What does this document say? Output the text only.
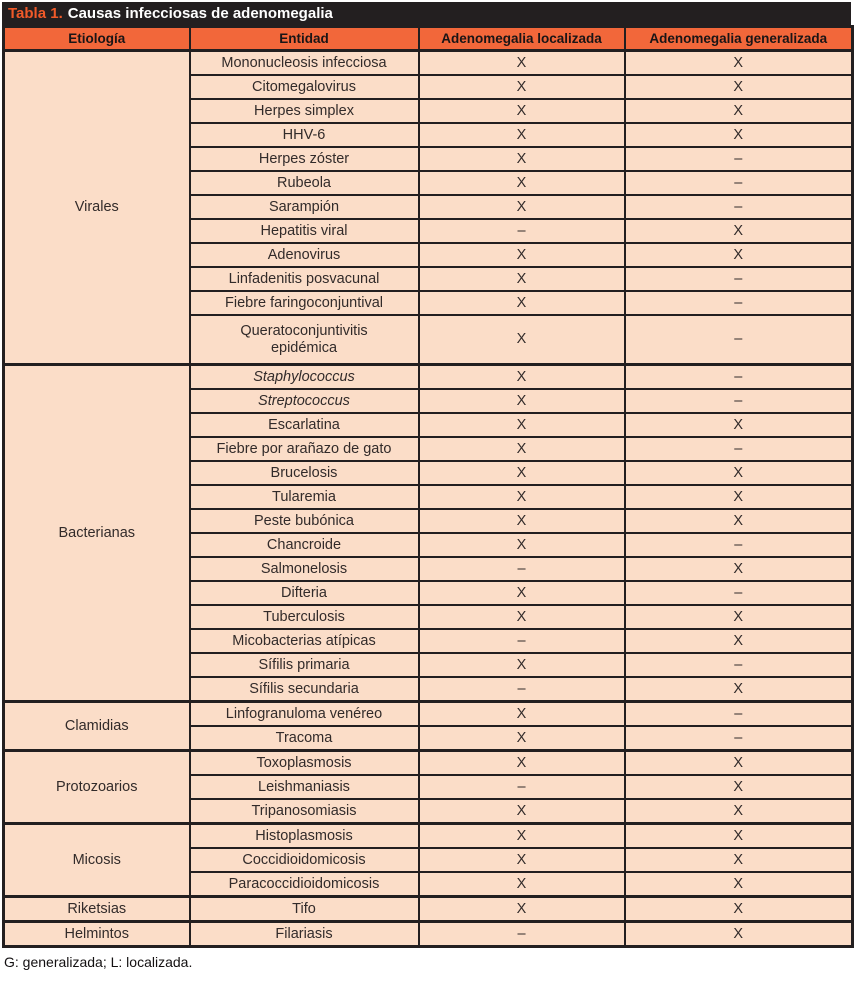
Tabla 1. Causas infecciosas de adenomegalia
Etiología	Entidad	Adenomegalia localizada	Adenomegalia generalizada
Virales	Mononucleosis infecciosa	X	X
	Citomegalovirus	X	X
	Herpes simplex	X	X
	HHV-6	X	X
	Herpes zóster	X	–
	Rubeola	X	–
	Sarampión	X	–
	Hepatitis viral	–	X
	Adenovirus	X	X
	Linfadenitis posvacunal	X	–
	Fiebre faringoconjuntival	X	–
	Queratoconjuntivitis epidémica	X	–
Bacterianas	Staphylococcus	X	–
	Streptococcus	X	–
	Escarlatina	X	X
	Fiebre por arañazo de gato	X	–
	Brucelosis	X	X
	Tularemia	X	X
	Peste bubónica	X	X
	Chancroide	X	–
	Salmonelosis	–	X
	Difteria	X	–
	Tuberculosis	X	X
	Micobacterias atípicas	–	X
	Sífilis primaria	X	–
	Sífilis secundaria	–	X
Clamidias	Linfogranuloma venéreo	X	–
	Tracoma	X	–
Protozoarios	Toxoplasmosis	X	X
	Leishmaniasis	–	X
	Tripanosomiasis	X	X
Micosis	Histoplasmosis	X	X
	Coccidioidomicosis	X	X
	Paracoccidioidomicosis	X	X
Riketsias	Tifo	X	X
Helmintos	Filariasis	–	X
G: generalizada; L: localizada.
